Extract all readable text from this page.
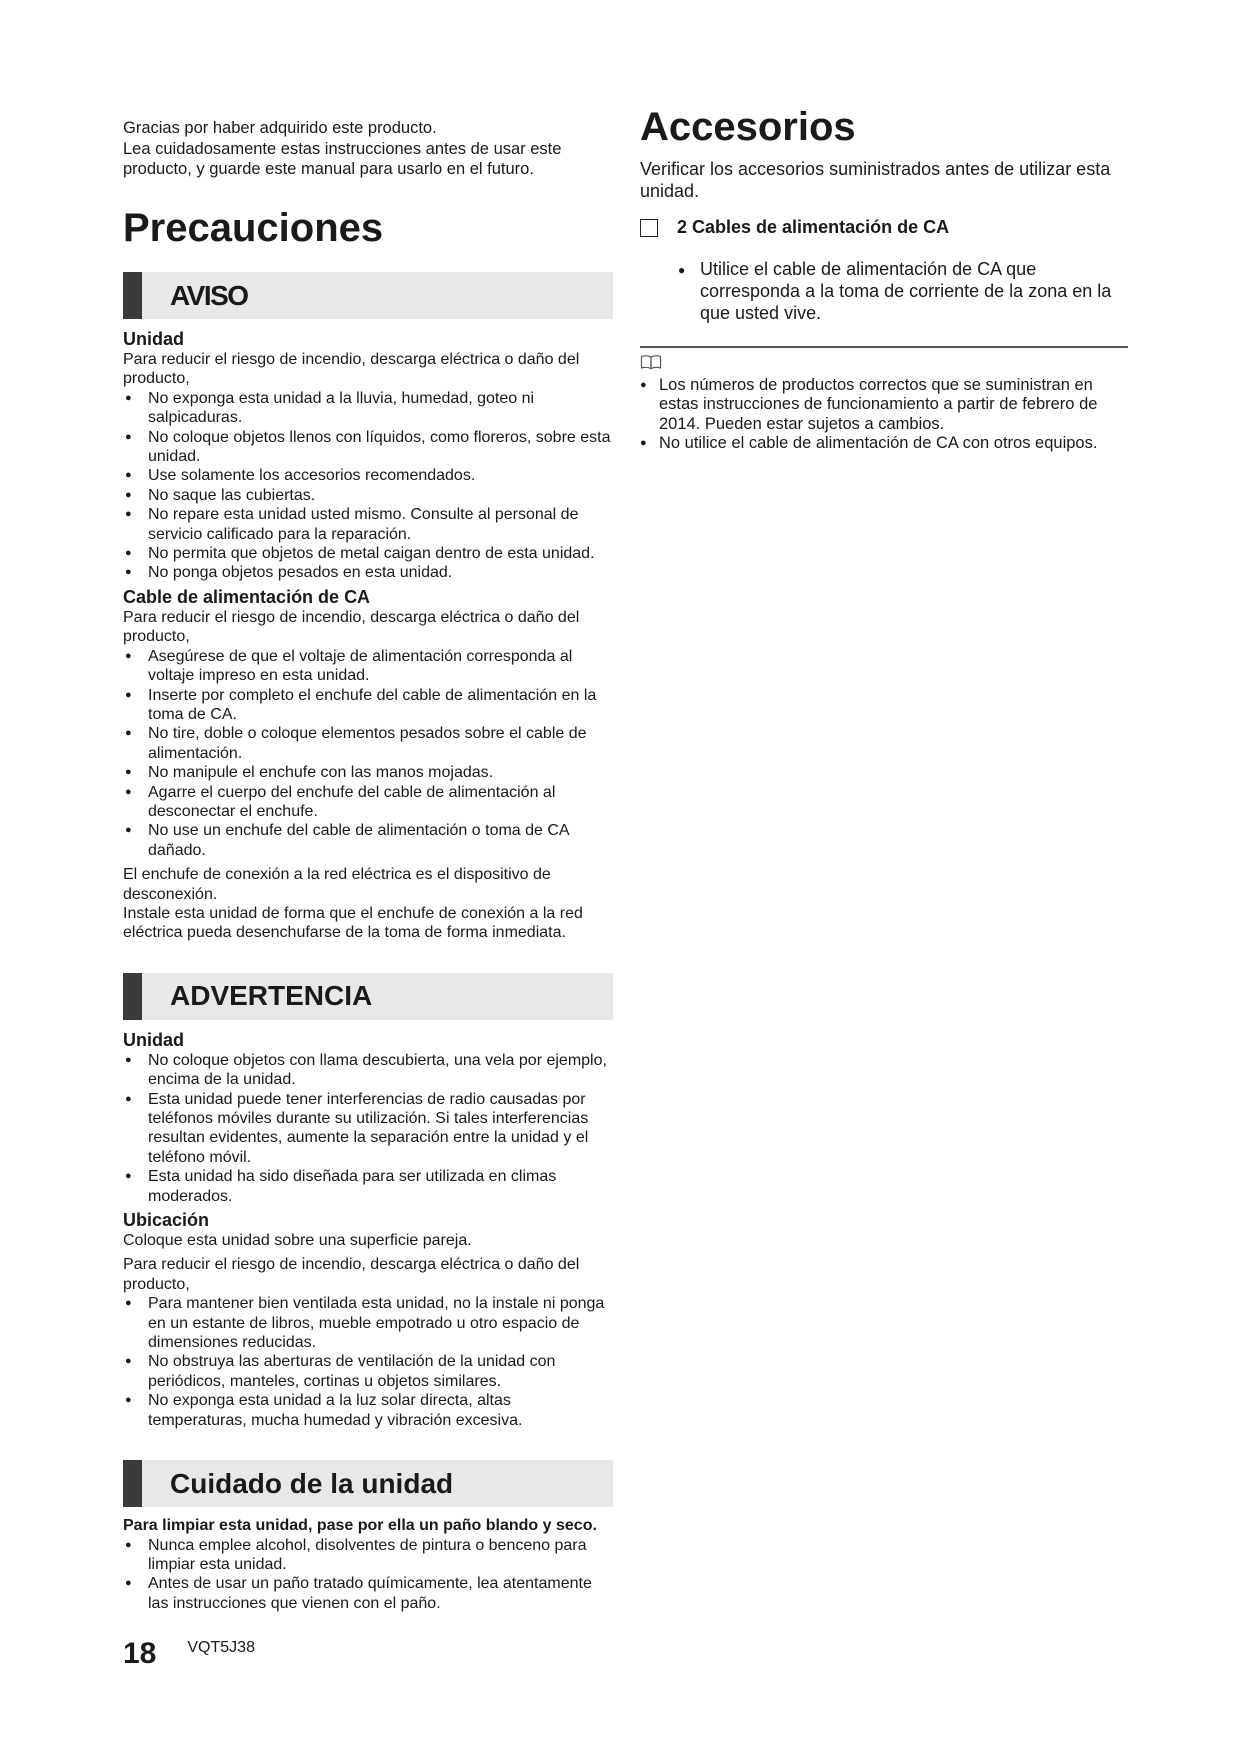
Gracias por haber adquirido este producto.

Lea cuidadosamente estas instrucciones antes de usar este producto, y guarde este manual para usarlo en el futuro.

Precauciones
AVISO

Unidad

Para reducir el riesgo de incendio, descarga eléctrica o daño del producto,

● No exponga esta unidad a la lluvia, humedad, goteo ni salpicaduras.
● No coloque objetos llenos con líquidos, como floreros, sobre esta unidad.
● Use solamente los accesorios recomendados.
● No saque las cubiertas.
● No repare esta unidad usted mismo. Consulte al personal de servicio calificado para la reparación.
● No permita que objetos de metal caigan dentro de esta unidad.
● No ponga objetos pesados en esta unidad.

Cable de alimentación de CA

Para reducir el riesgo de incendio, descarga eléctrica o daño del producto,

● Asegúrese de que el voltaje de alimentación corresponda al voltaje impreso en esta unidad.
● Inserte por completo el enchufe del cable de alimentación en la toma de CA.
● No tire, doble o coloque elementos pesados sobre el cable de alimentación.
● No manipule el enchufe con las manos mojadas.
● Agarre el cuerpo del enchufe del cable de alimentación al desconectar el enchufe.
● No use un enchufe del cable de alimentación o toma de CA dañado.

El enchufe de conexión a la red eléctrica es el dispositivo de desconexión.

Instale esta unidad de forma que el enchufe de conexión a la red eléctrica pueda desenchufarse de la toma de forma inmediata.

ADVERTENCIA

Unidad

● No coloque objetos con llama descubierta, una vela por ejemplo, encima de la unidad.
● Esta unidad puede tener interferencias de radio causadas por teléfonos móviles durante su utilización. Si tales interferencias resultan evidentes, aumente la separación entre la unidad y el teléfono móvil.
● Esta unidad ha sido diseñada para ser utilizada en climas moderados.

Ubicación

Coloque esta unidad sobre una superficie pareja.

Para reducir el riesgo de incendio, descarga eléctrica o daño del producto,

● Para mantener bien ventilada esta unidad, no la instale ni ponga en un estante de libros, mueble empotrado u otro espacio de dimensiones reducidas.
● No obstruya las aberturas de ventilación de la unidad con periódicos, manteles, cortinas u objetos similares.
● No exponga esta unidad a la luz solar directa, altas temperaturas, mucha humedad y vibración excesiva.
Cuidado de la unidad

Para limpiar esta unidad, pase por ella un paño blando y seco.

● Nunca emplee alcohol, disolventes de pintura o benceno para limpiar esta unidad.
● Antes de usar un paño tratado químicamente, lea atentamente las instrucciones que vienen con el paño.
Accesorios

Verificar los accesorios suministrados antes de utilizar esta unidad.

2 Cables de alimentación de CA
● Utilice el cable de alimentación de CA que corresponda a la toma de corriente de la zona en la que usted vive.
● Los números de productos correctos que se suministran en estas instrucciones de funcionamiento a partir de febrero de 2014. Pueden estar sujetos a cambios.
● No utilice el cable de alimentación de CA con otros equipos.
18 VQT5J38
